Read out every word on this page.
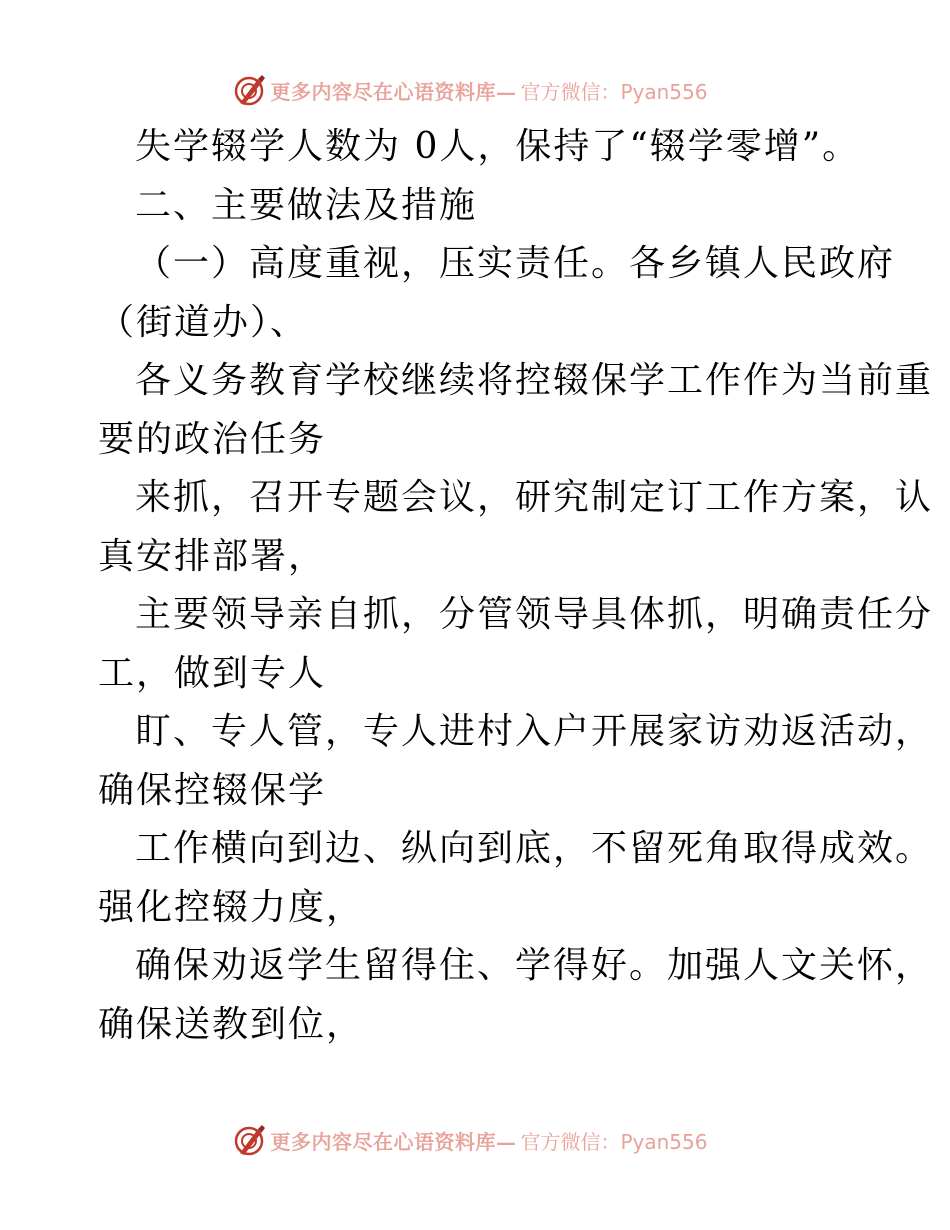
更多内容尽在心语资料库— 官方微信：Pyan556
失学辍学人数为 0人，保持了“辍学零增”。
二、主要做法及措施
（一）高度重视，压实责任。各乡镇人民政府
（街道办）、
各义务教育学校继续将控辍保学工作作为当前重
要的政治任务
来抓，召开专题会议，研究制定订工作方案，认
真安排部署，
主要领导亲自抓，分管领导具体抓，明确责任分
工，做到专人
盯、专人管，专人进村入户开展家访劝返活动，
确保控辍保学
工作横向到边、纵向到底，不留死角取得成效。
强化控辍力度，
确保劝返学生留得住、学得好。加强人文关怀，
确保送教到位，
更多内容尽在心语资料库— 官方微信：Pyan556
